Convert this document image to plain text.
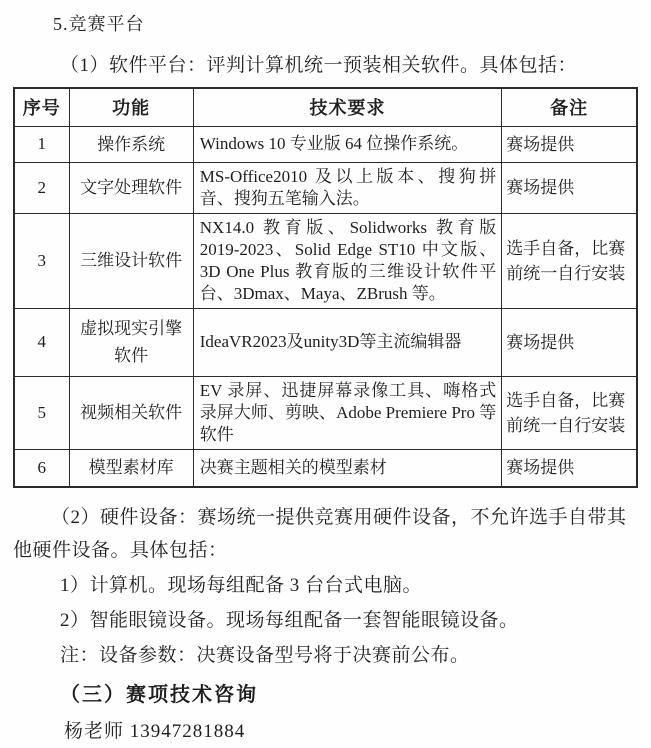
5.竞赛平台
（1）软件平台：评判计算机统一预装相关软件。具体包括：
序号	功能	技术要求	备注
1	操作系统	Windows 10 专业版 64 位操作系统。	赛场提供
2	文字处理软件	MS-Office2010 及以上版本、搜狗拼音、搜狗五笔输入法。	赛场提供
3	三维设计软件	NX14.0 教育版、Solidworks 教育版 2019-2023、Solid Edge ST10 中文版、3D One Plus 教育版的三维设计软件平台、3Dmax、Maya、ZBrush 等。	选手自备，比赛前统一自行安装
4	虚拟现实引擎软件	IdeaVR2023及unity3D等主流编辑器	赛场提供
5	视频相关软件	EV 录屏、迅捷屏幕录像工具、嗨格式录屏大师、剪映、Adobe Premiere Pro 等软件	选手自备，比赛前统一自行安装
6	模型素材库	决赛主题相关的模型素材	赛场提供
（2）硬件设备：赛场统一提供竞赛用硬件设备，不允许选手自带其他硬件设备。具体包括：
1）计算机。现场每组配备 3 台台式电脑。
2）智能眼镜设备。现场每组配备一套智能眼镜设备。
注：设备参数：决赛设备型号将于决赛前公布。
（三）赛项技术咨询
杨老师 13947281884
